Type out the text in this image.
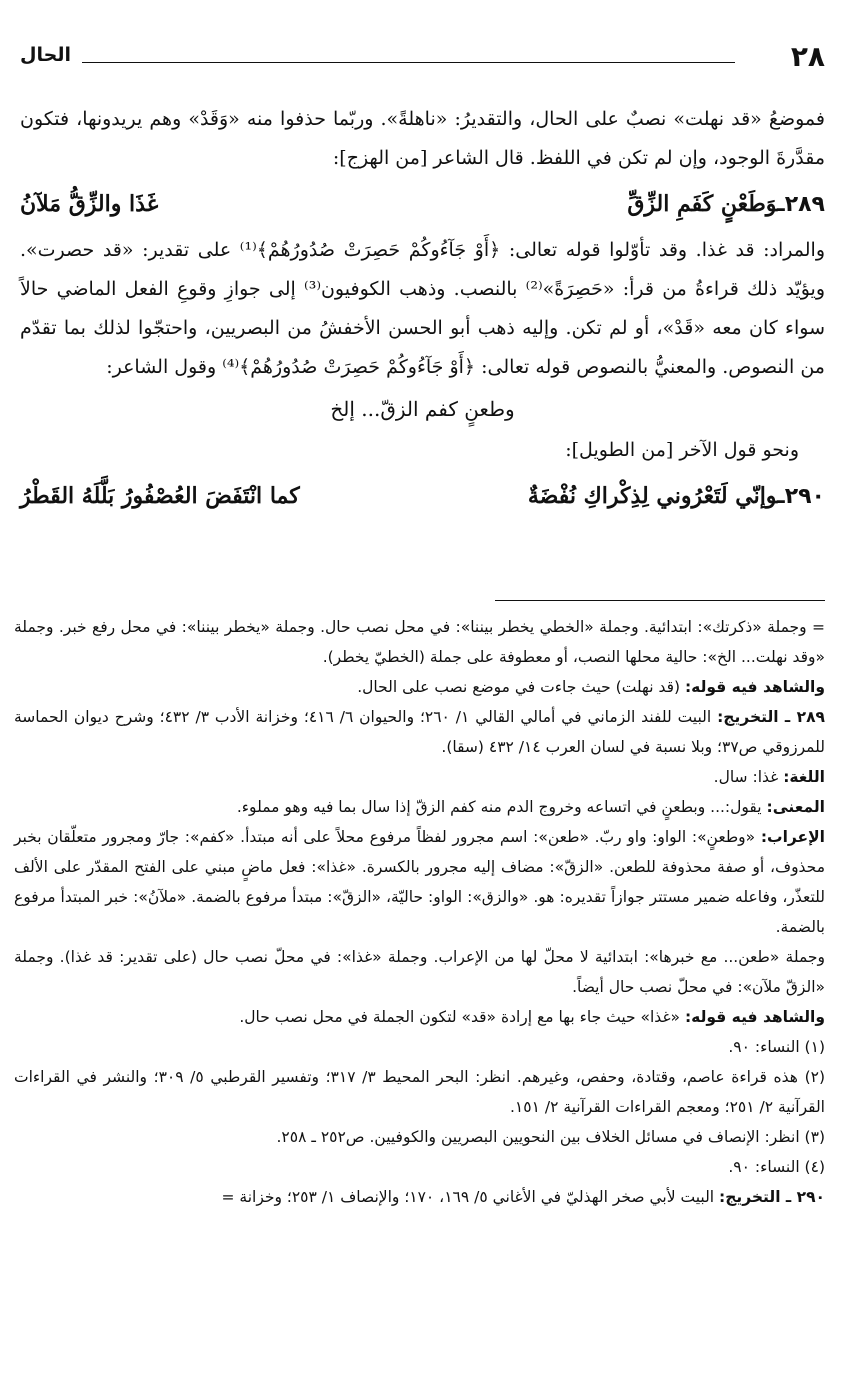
٢٨
الحال

فموضعُ «قد نهلت» نصبٌ على الحال، والتقديرُ: «ناهلةً». وربّما حذفوا منه «وَقَدْ» وهم يريدونها، فتكون مقدَّرةَ الوجود، وإن لم تكن في اللفظ. قال الشاعر [من الهزج]:

٢٨٩ـوَطَعْنٍ كَفَمِ الزِّقِّ
غَذَا والزِّقُّ مَلآنُ

والمراد: قد غذا. وقد تأوّلوا قوله تعالى: ﴿أَوْ جَآءُوكُمْ حَصِرَتْ صُدُورُهُمْ﴾⁽¹⁾ على تقدير: «قد حصرت». ويؤيّد ذلك قراءةُ من قرأ: «حَصِرَةً»⁽²⁾ بالنصب. وذهب الكوفيون⁽³⁾ إلى جوازِ وقوعِ الفعل الماضي حالاً سواء كان معه «قَدْ»، أو لم تكن. وإليه ذهب أبو الحسن الأخفشُ من البصريين، واحتجّوا لذلك بما تقدّم من النصوص. والمعنيُّ بالنصوص قوله تعالى: ﴿أَوْ جَآءُوكُمْ حَصِرَتْ صُدُورُهُمْ﴾⁽⁴⁾ وقول الشاعر:

وطعنٍ كفم الزقّ... إلخ

ونحو قول الآخر [من الطويل]:

٢٩٠ـوإنّي لَتَعْرُوني لِذِكْراكِ نُفْضَةٌ
كما انْتَفَضَ العُصْفُورُ بَلَّلَهُ القَطْرُ

= وجملة «ذكرتك»: ابتدائية. وجملة «الخطي يخطر بيننا»: في محل نصب حال. وجملة «يخطر بيننا»: في محل رفع خبر. وجملة «وقد نهلت... الخ»: حالية محلها النصب، أو معطوفة على جملة (الخطيّ يخطر).

والشاهد فيه قوله: (قد نهلت) حيث جاءت في موضع نصب على الحال.

٢٨٩ ـ التخريج: البيت للفند الزماني في أمالي القالي ١/ ٢٦٠؛ والحيوان ٦/ ٤١٦؛ وخزانة الأدب ٣/ ٤٣٢؛ وشرح ديوان الحماسة للمرزوقي ص٣٧؛ وبلا نسبة في لسان العرب ١٤/ ٤٣٢ (سقا).

اللغة: غذا: سال.

المعنى: يقول:... وبطعنٍ في اتساعه وخروج الدم منه كفم الزقّ إذا سال بما فيه وهو مملوء.

الإعراب: «وطعنٍ»: الواو: واو ربّ. «طعن»: اسم مجرور لفظاً مرفوع محلاً على أنه مبتدأ. «كفم»: جارّ ومجرور متعلّقان بخبر محذوف، أو صفة محذوفة للطعن. «الزقّ»: مضاف إليه مجرور بالكسرة. «غذا»: فعل ماضٍ مبني على الفتح المقدّر على الألف للتعذّر، وفاعله ضمير مستتر جوازاً تقديره: هو. «والزق»: الواو: حاليّة، «الزقّ»: مبتدأ مرفوع بالضمة. «ملآنُ»: خبر المبتدأ مرفوع بالضمة.

وجملة «طعن... مع خبرها»: ابتدائية لا محلّ لها من الإعراب. وجملة «غذا»: في محلّ نصب حال (على تقدير: قد غذا). وجملة «الزقّ ملآن»: في محلّ نصب حال أيضاً.

والشاهد فيه قوله: «غذا» حيث جاء بها مع إرادة «قد» لتكون الجملة في محل نصب حال.

(١) النساء: ٩٠.

(٢) هذه قراءة عاصم، وقتادة، وحفص، وغيرهم. انظر: البحر المحيط ٣/ ٣١٧؛ وتفسير القرطبي ٥/ ٣٠٩؛ والنشر في القراءات القرآنية ٢/ ٢٥١؛ ومعجم القراءات القرآنية ٢/ ١٥١.

(٣) انظر: الإنصاف في مسائل الخلاف بين النحويين البصريين والكوفيين. ص٢٥٢ ـ ٢٥٨.

(٤) النساء: ٩٠.

٢٩٠ ـ التخريج: البيت لأبي صخر الهذليّ في الأغاني ٥/ ١٦٩، ١٧٠؛ والإنصاف ١/ ٢٥٣؛ وخزانة =
